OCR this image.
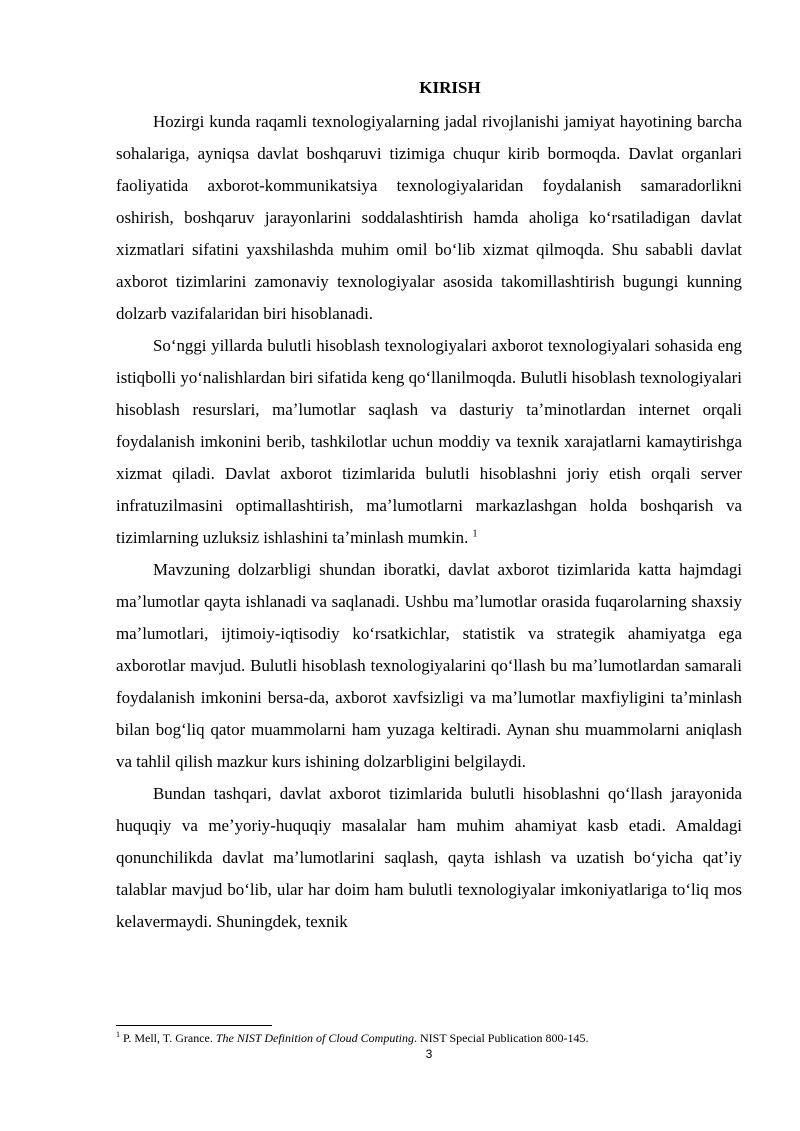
KIRISH

Hozirgi kunda raqamli texnologiyalarning jadal rivojlanishi jamiyat hayotining barcha sohalariga, ayniqsa davlat boshqaruvi tizimiga chuqur kirib bormoqda. Davlat organlari faoliyatida axborot-kommunikatsiya texnologiyalaridan foydalanish samaradorlikni oshirish, boshqaruv jarayonlarini soddalashtirish hamda aholiga koʻrsatiladigan davlat xizmatlari sifatini yaxshilashda muhim omil boʻlib xizmat qilmoqda. Shu sababli davlat axborot tizimlarini zamonaviy texnologiyalar asosida takomillashtirish bugungi kunning dolzarb vazifalaridan biri hisoblanadi.

Soʻnggi yillarda bulutli hisoblash texnologiyalari axborot texnologiyalari sohasida eng istiqbolli yoʻnalishlardan biri sifatida keng qoʻllanilmoqda. Bulutli hisoblash texnologiyalari hisoblash resurslari, maʼlumotlar saqlash va dasturiy taʼminotlardan internet orqali foydalanish imkonini berib, tashkilotlar uchun moddiy va texnik xarajatlarni kamaytirishga xizmat qiladi. Davlat axborot tizimlarida bulutli hisoblashni joriy etish orqali server infratuzilmasini optimallashtirish, maʼlumotlarni markazlashgan holda boshqarish va tizimlarning uzluksiz ishlashini taʼminlash mumkin. $^1$

Mavzuning dolzarbligi shundan iboratki, davlat axborot tizimlarida katta hajmdagi maʼlumotlar qayta ishlanadi va saqlanadi. Ushbu maʼlumotlar orasida fuqarolarning shaxsiy maʼlumotlari, ijtimoiy-iqtisodiy koʻrsatkichlar, statistik va strategik ahamiyatga ega axborotlar mavjud. Bulutli hisoblash texnologiyalarini qoʻllash bu maʼlumotlardan samarali foydalanish imkonini bersa-da, axborot xavfsizligi va maʼlumotlar maxfiyligini taʼminlash bilan bogʻliq qator muammolarni ham yuzaga keltiradi. Aynan shu muammolarni aniqlash va tahlil qilish mazkur kurs ishining dolzarbligini belgilaydi.

Bundan tashqari, davlat axborot tizimlarida bulutli hisoblashni qoʻllash jarayonida huquqiy va meʼyoriy-huquqiy masalalar ham muhim ahamiyat kasb etadi. Amaldagi qonunchilikda davlat maʼlumotlarini saqlash, qayta ishlash va uzatish boʻyicha qatʼiy talablar mavjud boʻlib, ular har doim ham bulutli texnologiyalar imkoniyatlariga toʻliq mos kelavermaydi. Shuningdek, texnik

$^1$ P. Mell, T. Grance. The NIST Definition of Cloud Computing. NIST Special Publication 800-145.

3
